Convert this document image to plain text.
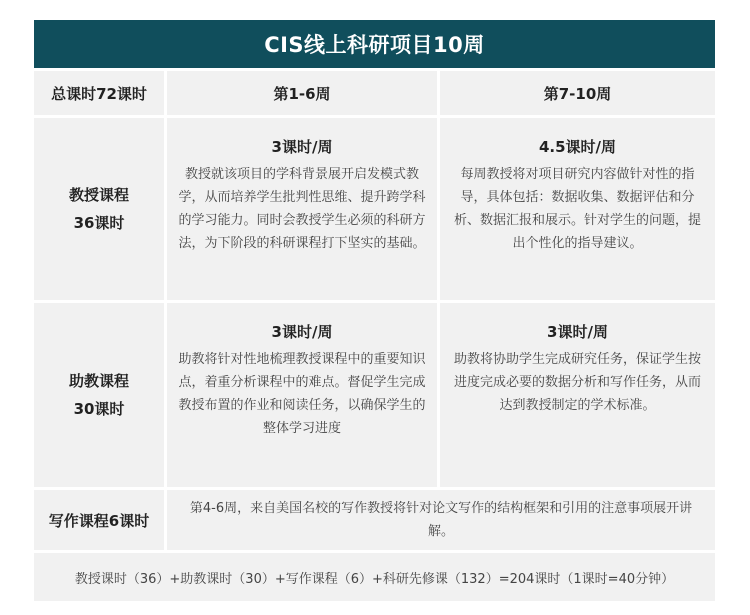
CIS线上科研项目10周
总课时72课时	第1-6周	第7-10周
教授课程
36课时
3课时/周
教授就该项目的学科背景展开启发模式教学，从而培养学生批判性思维、提升跨学科的学习能力。同时会教授学生必须的科研方法，为下阶段的科研课程打下坚实的基础。
4.5课时/周
每周教授将对项目研究内容做针对性的指导，具体包括：数据收集、数据评估和分析、数据汇报和展示。针对学生的问题，提出个性化的指导建议。
助教课程
30课时
3课时/周
助教将针对性地梳理教授课程中的重要知识点，着重分析课程中的难点。督促学生完成教授布置的作业和阅读任务，以确保学生的整体学习进度
3课时/周
助教将协助学生完成研究任务，保证学生按进度完成必要的数据分析和写作任务，从而达到教授制定的学术标准。
写作课程6课时
第4-6周，来自美国名校的写作教授将针对论文写作的结构框架和引用的注意事项展开讲解。
教授课时（36）+助教课时（30）+写作课程（6）+科研先修课（132）=204课时（1课时=40分钟）
